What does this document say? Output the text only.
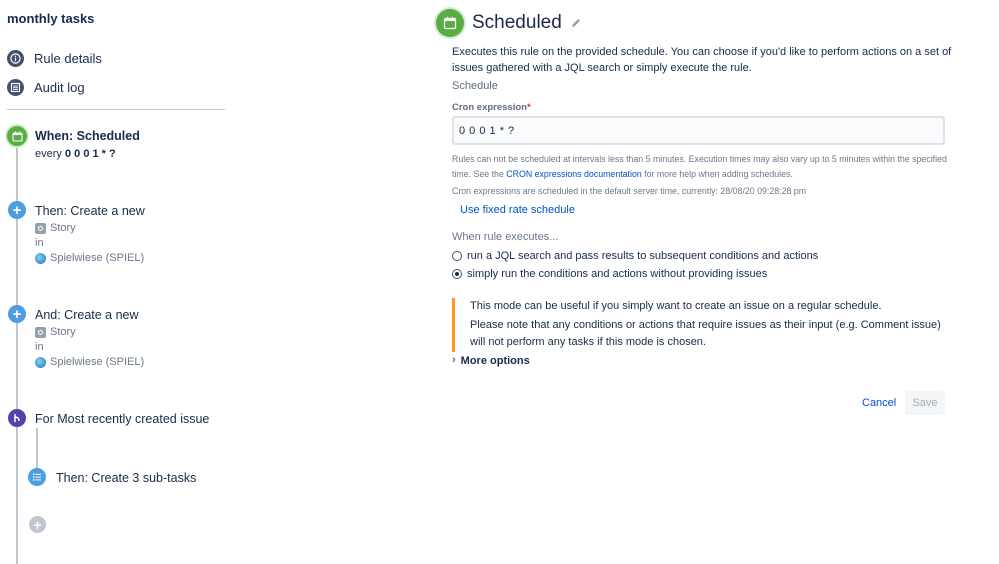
monthly tasks
Rule details
Audit log
When: Scheduled
every 0 0 0 1 * ?
+	Then: Create a new
Story
in
Spielwiese (SPIEL)
+	And: Create a new
Story
in
Spielwiese (SPIEL)
For Most recently created issue
Then: Create 3 sub-tasks
+
Scheduled
Executes this rule on the provided schedule. You can choose if you'd like to perform actions on a set of issues gathered with a JQL search or simply execute the rule.
Schedule
Cron expression*
0 0 0 1 * ?
Rules can not be scheduled at intervals less than 5 minutes. Execution times may also vary up to 5 minutes within the specified time. See the CRON expressions documentation for more help when adding schedules.
Cron expressions are scheduled in the default server time, currently: 28/08/20 09:28:28 pm
Use fixed rate schedule
When rule executes...
run a JQL search and pass results to subsequent conditions and actions
simply run the conditions and actions without providing issues

This mode can be useful if you simply want to create an issue on a regular schedule.

Please note that any conditions or actions that require issues as their input (e.g. Comment issue) will not perform any tasks if this mode is chosen.

› More options
Cancel	Save
